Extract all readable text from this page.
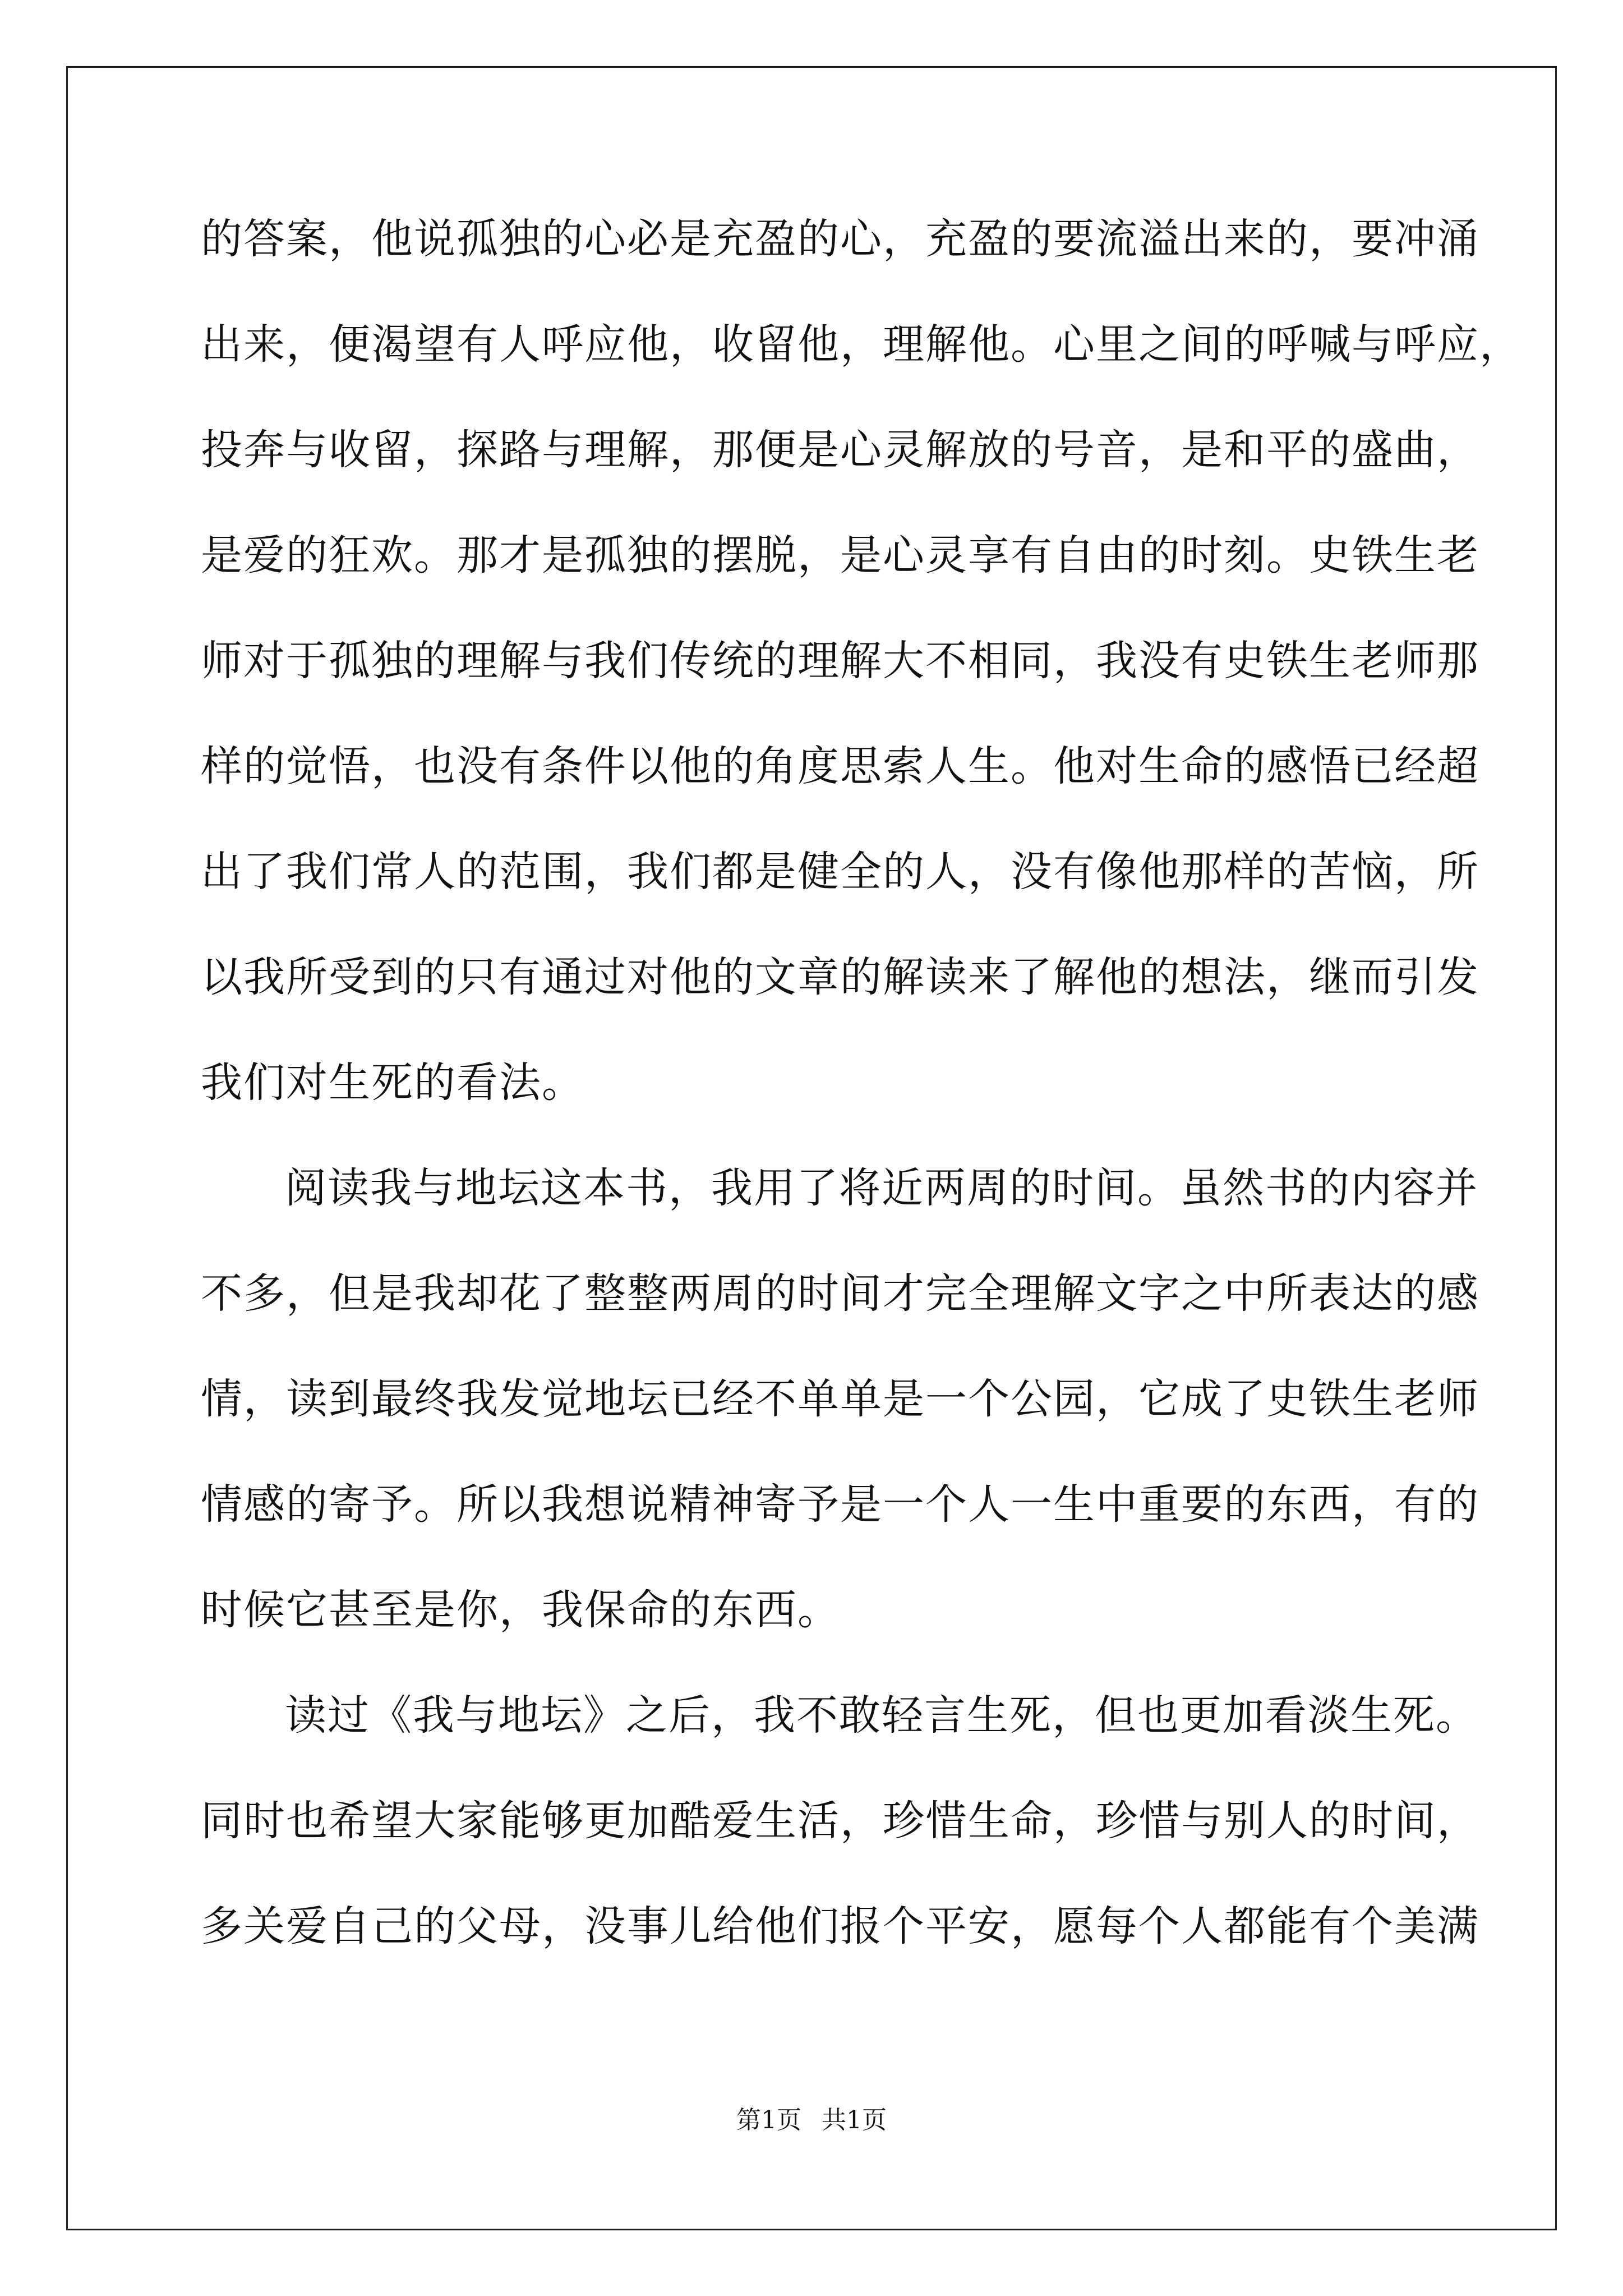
的答案，他说孤独的心必是充盈的心，充盈的要流溢出来的，要冲涌
出来，便渴望有人呼应他，收留他，理解他。心里之间的呼喊与呼应，
投奔与收留，探路与理解，那便是心灵解放的号音，是和平的盛曲，
是爱的狂欢。那才是孤独的摆脱，是心灵享有自由的时刻。史铁生老
师对于孤独的理解与我们传统的理解大不相同，我没有史铁生老师那
样的觉悟，也没有条件以他的角度思索人生。他对生命的感悟已经超
出了我们常人的范围，我们都是健全的人，没有像他那样的苦恼，所
以我所受到的只有通过对他的文章的解读来了解他的想法，继而引发
我们对生死的看法。
阅读我与地坛这本书，我用了将近两周的时间。虽然书的内容并
不多，但是我却花了整整两周的时间才完全理解文字之中所表达的感
情，读到最终我发觉地坛已经不单单是一个公园，它成了史铁生老师
情感的寄予。所以我想说精神寄予是一个人一生中重要的东西，有的
时候它甚至是你，我保命的东西。
读过《我与地坛》之后，我不敢轻言生死，但也更加看淡生死。
同时也希望大家能够更加酷爱生活，珍惜生命，珍惜与别人的时间，
多关爱自己的父母，没事儿给他们报个平安，愿每个人都能有个美满
第1页 共1页
